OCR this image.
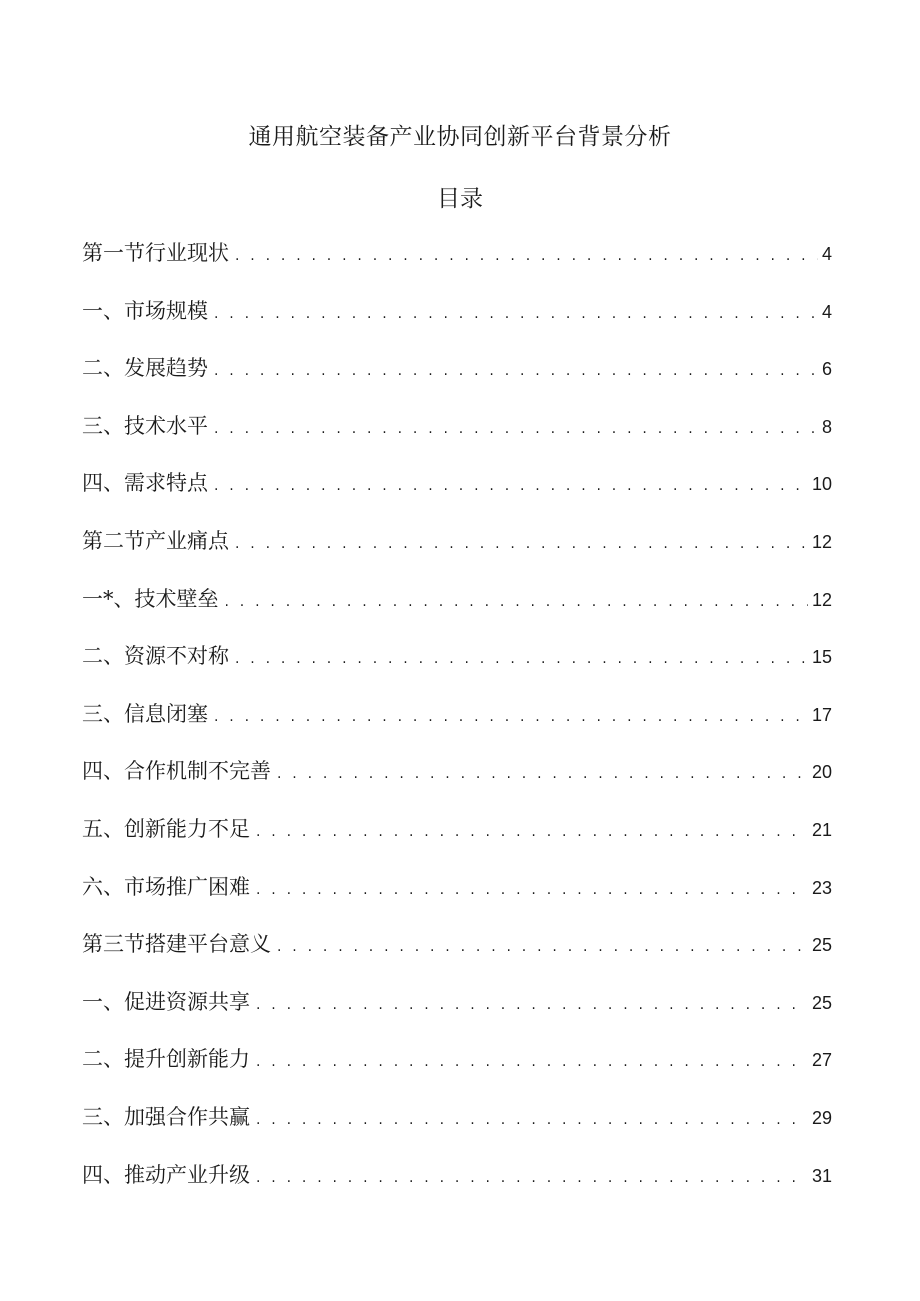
通用航空装备产业协同创新平台背景分析
目录
第一节行业现状 . . .	4
一、市场规模 . . .	4
二、发展趋势 . . .	6
三、技术水平 . . .	8
四、需求特点 . . .	10
第二节产业痛点 . . .	12
一*、技术壁垒 . . .	12
二、资源不对称 . . .	15
三、信息闭塞 . . .	17
四、合作机制不完善 . . .	20
五、创新能力不足 . . .	21
六、市场推广困难 . . .	23
第三节搭建平台意义 . . .	25
一、促进资源共享 . . .	25
二、提升创新能力 . . .	27
三、加强合作共赢 . . .	29
四、推动产业升级 . . .	31
